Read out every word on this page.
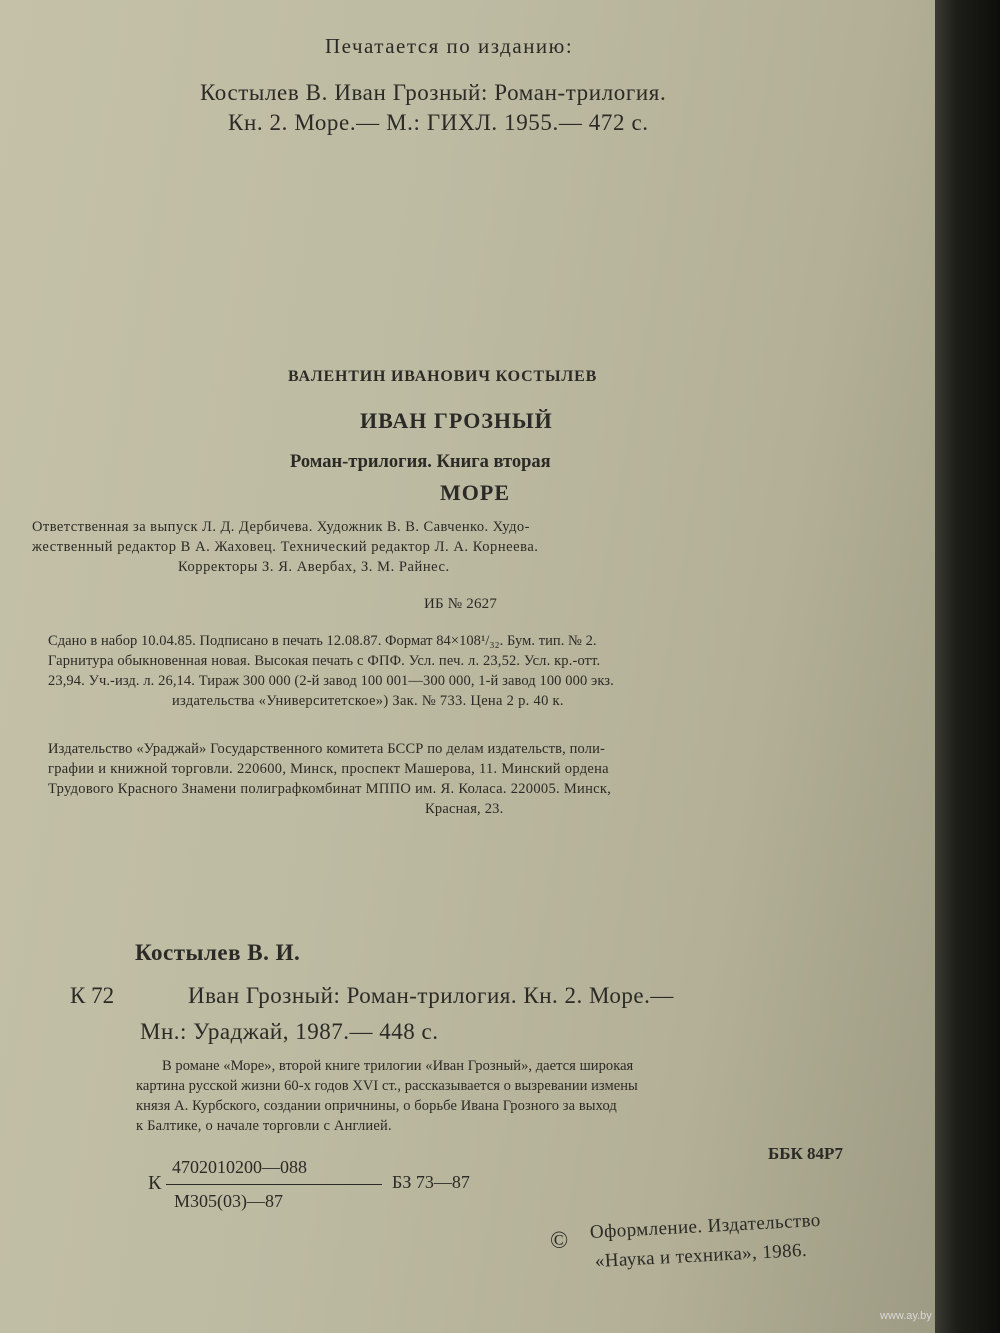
Печатается по изданию:
Костылев В. Иван Грозный: Роман-трилогия.
Кн. 2. Море.— М.: ГИХЛ. 1955.— 472 с.
ВАЛЕНТИН ИВАНОВИЧ КОСТЫЛЕВ
ИВАН ГРОЗНЫЙ
Роман-трилогия. Книга вторая
МОРЕ
Ответственная за выпуск Л. Д. Дербичева. Художник В. В. Савченко. Худо-
жественный редактор В А. Жаховец. Технический редактор Л. А. Корнеева.
Корректоры З. Я. Авербах, З. М. Райнес.
ИБ № 2627
Сдано в набор 10.04.85. Подписано в печать 12.08.87. Формат 84×108¹/₃₂. Бум. тип. № 2.
Гарнитура обыкновенная новая. Высокая печать с ФПФ. Усл. печ. л. 23,52. Усл. кр.-отт.
23,94. Уч.-изд. л. 26,14. Тираж 300 000 (2-й завод 100 001—300 000, 1-й завод 100 000 экз.
издательства «Университетское») Зак. № 733. Цена 2 р. 40 к.
Издательство «Ураджай» Государственного комитета БССР по делам издательств, поли-
графии и книжной торговли. 220600, Минск, проспект Машерова, 11. Минский ордена
Трудового Красного Знамени полиграфкомбинат МППО им. Я. Коласа. 220005. Минск,
Красная, 23.
Костылев В. И.
К 72	Иван Грозный: Роман-трилогия. Кн. 2. Море.—
Мн.: Ураджай, 1987.— 448 с.
В романе «Море», второй книге трилогии «Иван Грозный», дается широкая
картина русской жизни 60-х годов XVI ст., рассказывается о вызревании измены
князя А. Курбского, создании опричнины, о борьбе Ивана Грозного за выход
к Балтике, о начале торговли с Англией.
К
4702010200—088
М305(03)—87
БЗ 73—87
ББК 84Р7
© Оформление. Издательство
«Наука и техника», 1986.
www.ay.by
